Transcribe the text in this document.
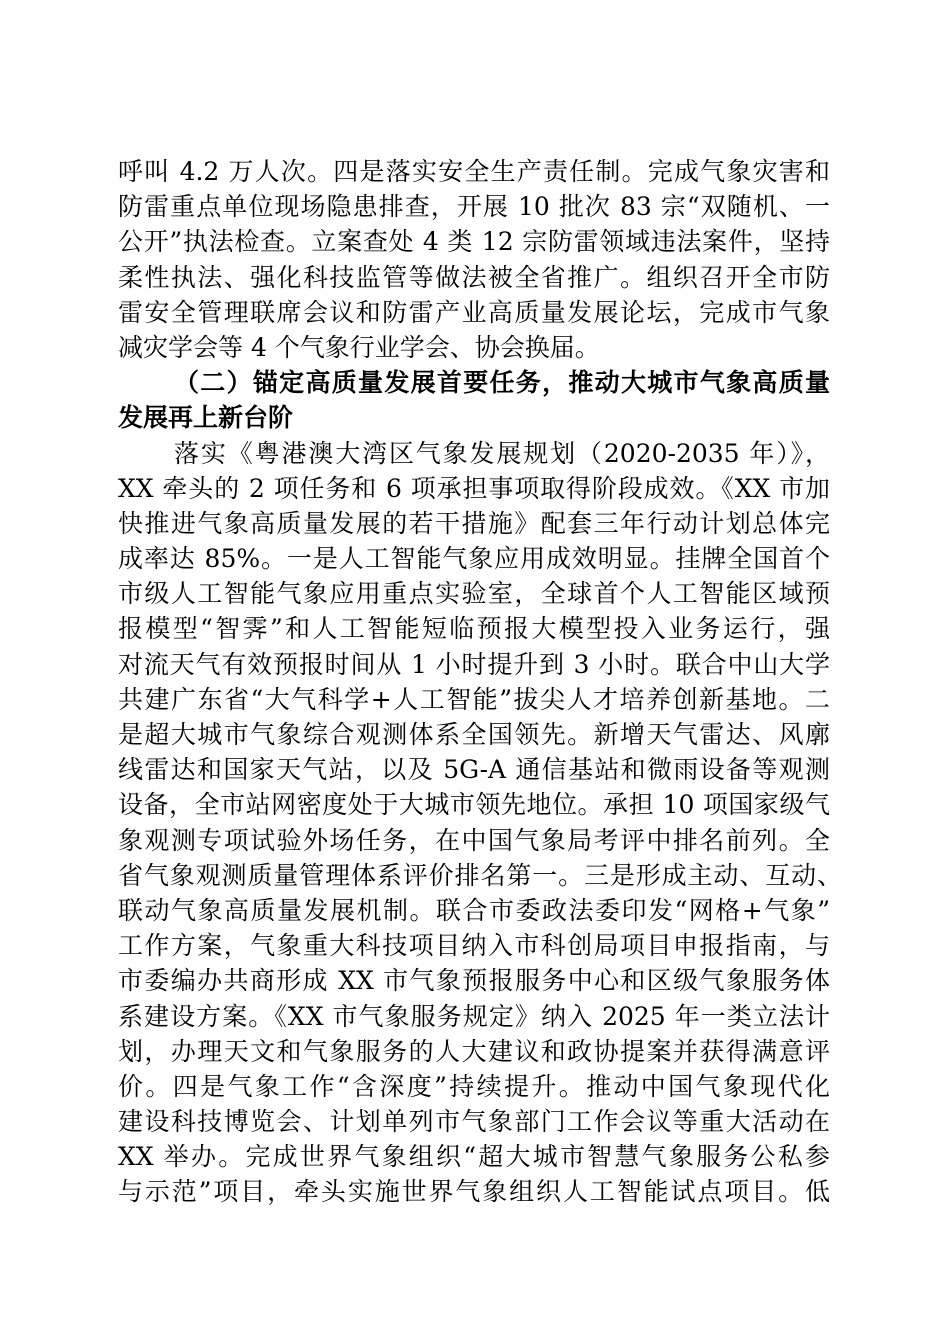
呼叫 4.2 万人次。四是落实安全生产责任制。完成气象灾害和
防雷重点单位现场隐患排查，开展 10 批次 83 宗“双随机、一
公开”执法检查。立案查处 4 类 12 宗防雷领域违法案件，坚持
柔性执法、强化科技监管等做法被全省推广。组织召开全市防
雷安全管理联席会议和防雷产业高质量发展论坛，完成市气象
减灾学会等 4 个气象行业学会、协会换届。
（二）锚定高质量发展首要任务，推动大城市气象高质量
发展再上新台阶
落实《粤港澳大湾区气象发展规划（2020-2035 年）》，
XX 牵头的 2 项任务和 6 项承担事项取得阶段成效。《XX 市加
快推进气象高质量发展的若干措施》配套三年行动计划总体完
成率达 85%。一是人工智能气象应用成效明显。挂牌全国首个
市级人工智能气象应用重点实验室，全球首个人工智能区域预
报模型“智霁”和人工智能短临预报大模型投入业务运行，强
对流天气有效预报时间从 1 小时提升到 3 小时。联合中山大学
共建广东省“大气科学+人工智能”拔尖人才培养创新基地。二
是超大城市气象综合观测体系全国领先。新增天气雷达、风廓
线雷达和国家天气站，以及 5G-A 通信基站和微雨设备等观测
设备，全市站网密度处于大城市领先地位。承担 10 项国家级气
象观测专项试验外场任务，在中国气象局考评中排名前列。全
省气象观测质量管理体系评价排名第一。三是形成主动、互动、
联动气象高质量发展机制。联合市委政法委印发“网格+气象”
工作方案，气象重大科技项目纳入市科创局项目申报指南，与
市委编办共商形成 XX 市气象预报服务中心和区级气象服务体
系建设方案。《XX 市气象服务规定》纳入 2025 年一类立法计
划，办理天文和气象服务的人大建议和政协提案并获得满意评
价。四是气象工作“含深度”持续提升。推动中国气象现代化
建设科技博览会、计划单列市气象部门工作会议等重大活动在
XX 举办。完成世界气象组织“超大城市智慧气象服务公私参
与示范”项目，牵头实施世界气象组织人工智能试点项目。低
